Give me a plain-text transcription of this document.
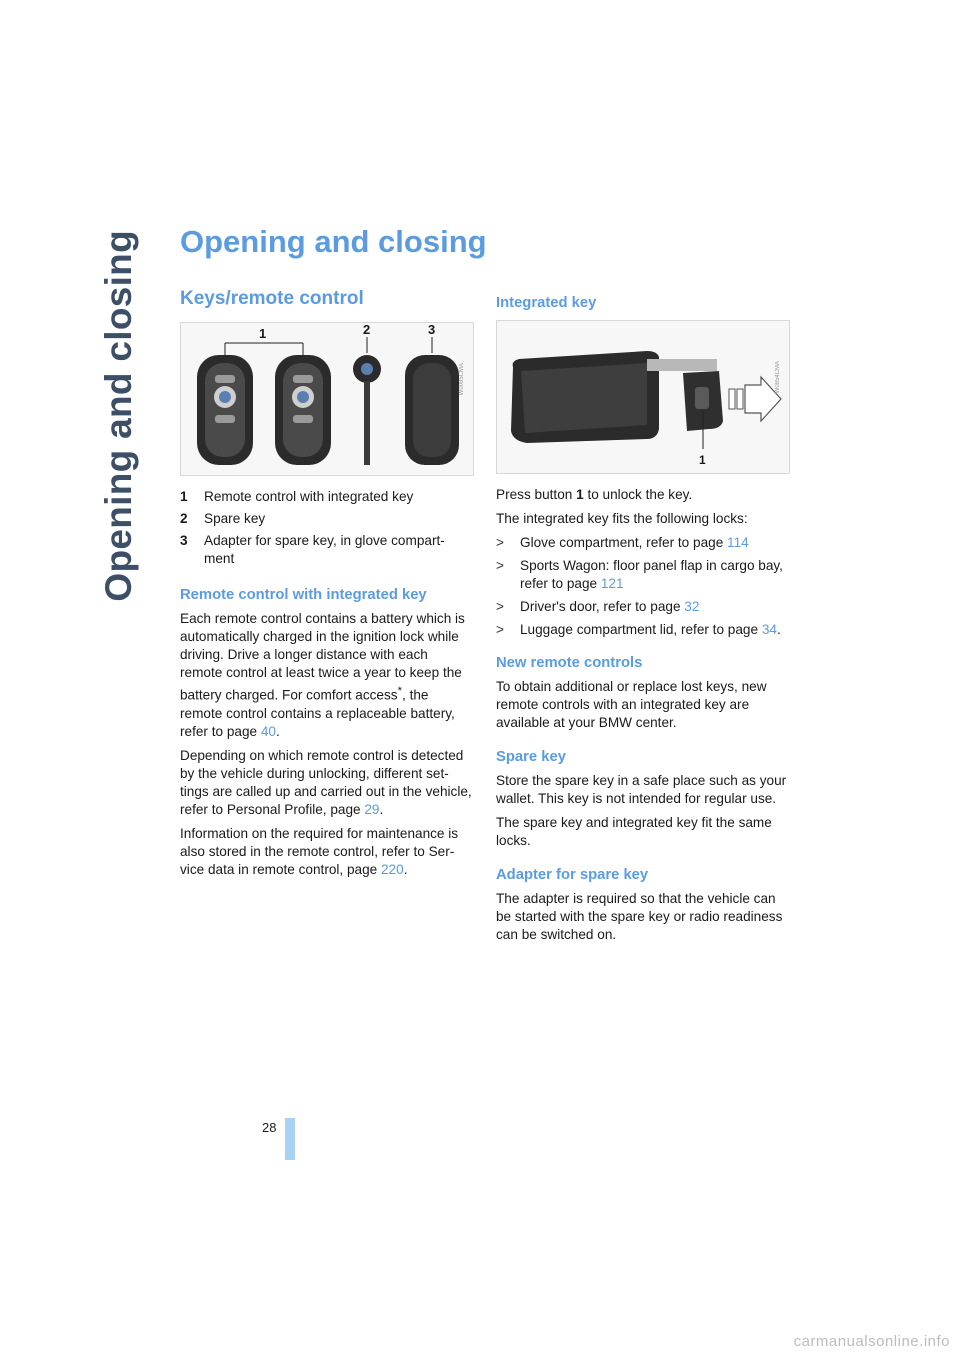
Opening and closing Opening and closing
Keys/remote control
1	2	3
W0085CMA
1	Remote control with integrated key
2	Spare key
3	Adapter for spare key, in glove compart-ment
Remote control with integrated key

Each remote control contains a battery which is automatically charged in the ignition lock while driving. Drive a longer distance with each remote control at least twice a year to keep the battery charged. For comfort access*, the remote control contains a replaceable battery, refer to page 40.

Depending on which remote control is detected by the vehicle during unlocking, different set-tings are called up and carried out in the vehicle, refer to Personal Profile, page 29.

Information on the required for maintenance is also stored in the remote control, refer to Ser-vice data in remote control, page 220.

Integrated key
1
W0854CMA

Press button 1 to unlock the key.

The integrated key fits the following locks:

>	Glove compartment, refer to page 114
>	Sports Wagon: floor panel flap in cargo bay, refer to page 121
>	Driver's door, refer to page 32
>	Luggage compartment lid, refer to page 34.
New remote controls

To obtain additional or replace lost keys, new remote controls with an integrated key are available at your BMW center.

Spare key

Store the spare key in a safe place such as your wallet. This key is not intended for regular use.

The spare key and integrated key fit the same locks.

Adapter for spare key

The adapter is required so that the vehicle can be started with the spare key or radio readiness can be switched on.

28
carmanualsonline.info
